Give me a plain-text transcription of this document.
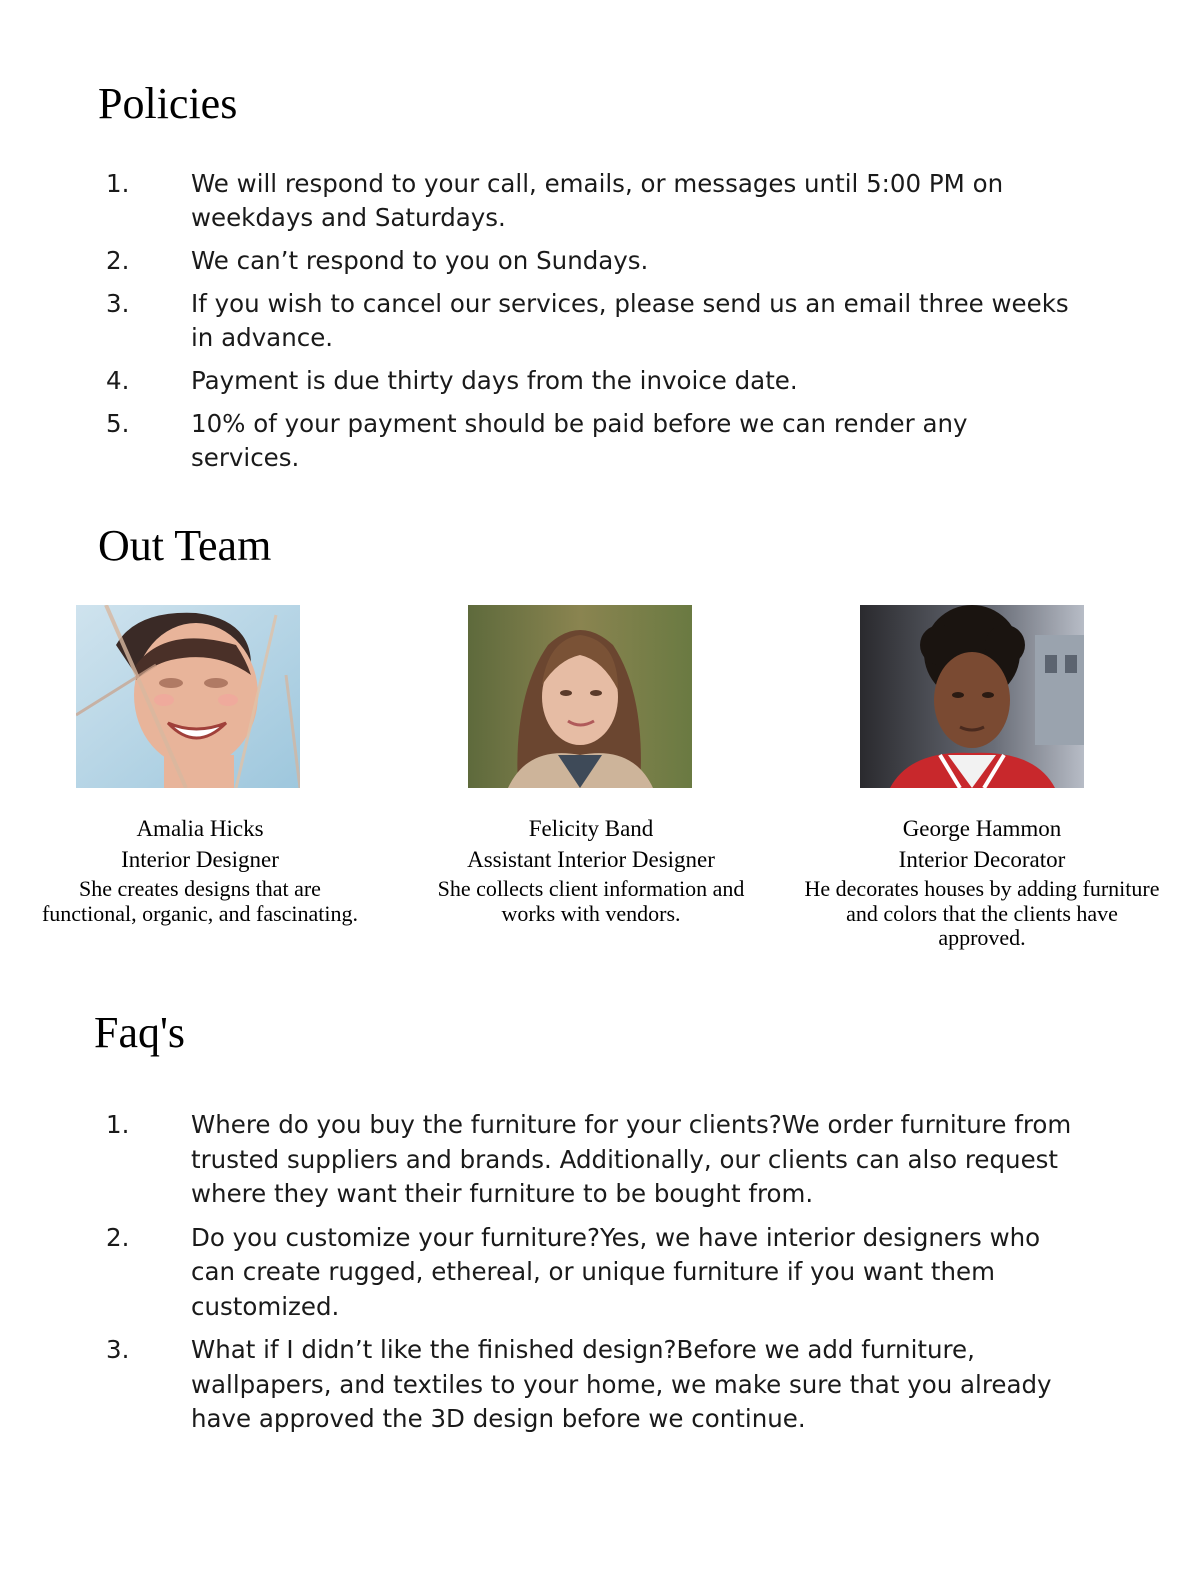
Policies
1.	We will respond to your call, emails, or messages until 5:00 PM on weekdays and Saturdays.
2.	We can’t respond to you on Sundays.
3.	If you wish to cancel our services, please send us an email three weeks in advance.
4.	Payment is due thirty days from the invoice date.
5.	10% of your payment should be paid before we can render any services.
Out Team
Amalia Hicks
Interior Designer
She creates designs that are functional, organic, and fascinating.
Felicity Band
Assistant Interior Designer
She collects client information and works with vendors.
George Hammon
Interior Decorator
He decorates houses by adding furniture and colors that the clients have approved.
Faq's
1.	Where do you buy the furniture for your clients?We order furniture from trusted suppliers and brands. Additionally, our clients can also request where they want their furniture to be bought from.
2.	Do you customize your furniture?Yes, we have interior designers who can create rugged, ethereal, or unique furniture if you want them customized.
3.	What if I didn’t like the finished design?Before we add furniture, wallpapers, and textiles to your home, we make sure that you already have approved the 3D design before we continue.
